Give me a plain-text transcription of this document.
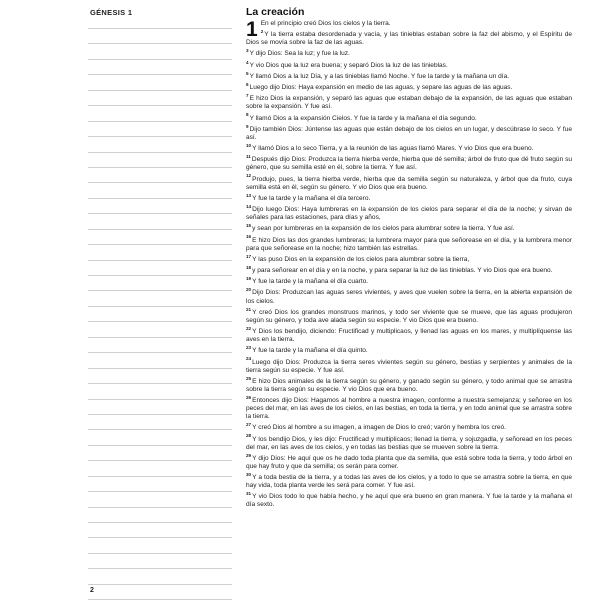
GÉNESIS 1
2
La creación
1 En el principio creó Dios los cielos y la tierra.
$^2$Y la tierra estaba desordenada y vacía, y las tinieblas estaban sobre la faz del abismo, y el Espíritu de Dios se movía sobre la faz de las aguas.
$^3$Y dijo Dios: Sea la luz; y fue la luz.
$^4$Y vio Dios que la luz era buena; y separó Dios la luz de las tinieblas.
$^5$Y llamó Dios a la luz Día, y a las tinieblas llamó Noche. Y fue la tarde y la mañana un día.
$^6$Luego dijo Dios: Haya expansión en medio de las aguas, y separe las aguas de las aguas.
$^7$E hizo Dios la expansión, y separó las aguas que estaban debajo de la expansión, de las aguas que estaban sobre la expansión. Y fue así.
$^8$Y llamó Dios a la expansión Cielos. Y fue la tarde y la mañana el día segundo.
$^9$Dijo también Dios: Júntense las aguas que están debajo de los cielos en un lugar, y descúbrase lo seco. Y fue así.
$^{10}$Y llamó Dios a lo seco Tierra, y a la reunión de las aguas llamó Mares. Y vio Dios que era bueno.
$^{11}$Después dijo Dios: Produzca la tierra hierba verde, hierba que dé semilla; árbol de fruto que dé fruto según su género, que su semilla esté en él, sobre la tierra. Y fue así.
$^{12}$Produjo, pues, la tierra hierba verde, hierba que da semilla según su naturaleza, y árbol que da fruto, cuya semilla está en él, según su género. Y vio Dios que era bueno.
$^{13}$Y fue la tarde y la mañana el día tercero.
$^{14}$Dijo luego Dios: Haya lumbreras en la expansión de los cielos para separar el día de la noche; y sirvan de señales para las estaciones, para días y años,
$^{15}$y sean por lumbreras en la expansión de los cielos para alumbrar sobre la tierra. Y fue así.
$^{16}$E hizo Dios las dos grandes lumbreras; la lumbrera mayor para que señorease en el día, y la lumbrera menor para que señorease en la noche; hizo también las estrellas.
$^{17}$Y las puso Dios en la expansión de los cielos para alumbrar sobre la tierra,
$^{18}$y para señorear en el día y en la noche, y para separar la luz de las tinieblas. Y vio Dios que era bueno.
$^{19}$Y fue la tarde y la mañana el día cuarto.
$^{20}$Dijo Dios: Produzcan las aguas seres vivientes, y aves que vuelen sobre la tierra, en la abierta expansión de los cielos.
$^{21}$Y creó Dios los grandes monstruos marinos, y todo ser viviente que se mueve, que las aguas produjeron según su género, y toda ave alada según su especie. Y vio Dios que era bueno.
$^{22}$Y Dios los bendijo, diciendo: Fructificad y multiplicaos, y llenad las aguas en los mares, y multiplíquense las aves en la tierra.
$^{23}$Y fue la tarde y la mañana el día quinto.
$^{24}$Luego dijo Dios: Produzca la tierra seres vivientes según su género, bestias y serpientes y animales de la tierra según su especie. Y fue así.
$^{25}$E hizo Dios animales de la tierra según su género, y ganado según su género, y todo animal que se arrastra sobre la tierra según su especie. Y vio Dios que era bueno.
$^{26}$Entonces dijo Dios: Hagamos al hombre a nuestra imagen, conforme a nuestra semejanza; y señoree en los peces del mar, en las aves de los cielos, en las bestias, en toda la tierra, y en todo animal que se arrastra sobre la tierra.
$^{27}$Y creó Dios al hombre a su imagen, a imagen de Dios lo creó; varón y hembra los creó.
$^{28}$Y los bendijo Dios, y les dijo: Fructificad y multiplicaos; llenad la tierra, y sojuzgadla, y señoread en los peces del mar, en las aves de los cielos, y en todas las bestias que se mueven sobre la tierra.
$^{29}$Y dijo Dios: He aquí que os he dado toda planta que da semilla, que está sobre toda la tierra, y todo árbol en que hay fruto y que da semilla; os serán para comer.
$^{30}$Y a toda bestia de la tierra, y a todas las aves de los cielos, y a todo lo que se arrastra sobre la tierra, en que hay vida, toda planta verde les será para comer. Y fue así.
$^{31}$Y vio Dios todo lo que había hecho, y he aquí que era bueno en gran manera. Y fue la tarde y la mañana el día sexto.
